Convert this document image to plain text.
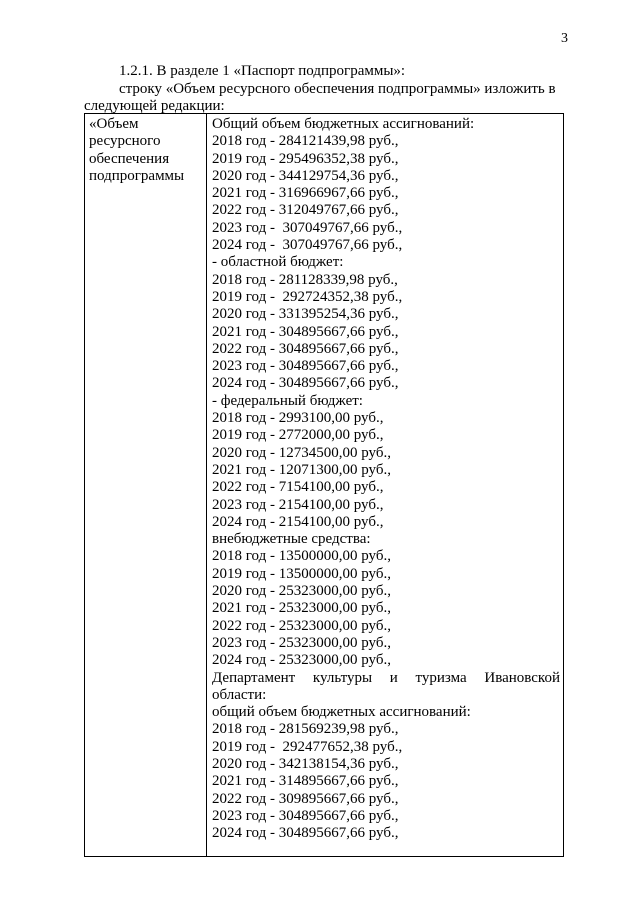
3
1.2.1. В разделе 1 «Паспорт подпрограммы»:
строку «Объем ресурсного обеспечения подпрограммы» изложить в
следующей редакции:
«Объем
ресурсного
обеспечения
подпрограммы
Общий объем бюджетных ассигнований:
2018 год - 284121439,98 руб.,
2019 год - 295496352,38 руб.,
2020 год - 344129754,36 руб.,
2021 год - 316966967,66 руб.,
2022 год - 312049767,66 руб.,
2023 год -  307049767,66 руб.,
2024 год -  307049767,66 руб.,
- областной бюджет:
2018 год - 281128339,98 руб.,
2019 год -  292724352,38 руб.,
2020 год - 331395254,36 руб.,
2021 год - 304895667,66 руб.,
2022 год - 304895667,66 руб.,
2023 год - 304895667,66 руб.,
2024 год - 304895667,66 руб.,
- федеральный бюджет:
2018 год - 2993100,00 руб.,
2019 год - 2772000,00 руб.,
2020 год - 12734500,00 руб.,
2021 год - 12071300,00 руб.,
2022 год - 7154100,00 руб.,
2023 год - 2154100,00 руб.,
2024 год - 2154100,00 руб.,
внебюджетные средства:
2018 год - 13500000,00 руб.,
2019 год - 13500000,00 руб.,
2020 год - 25323000,00 руб.,
2021 год - 25323000,00 руб.,
2022 год - 25323000,00 руб.,
2023 год - 25323000,00 руб.,
2024 год - 25323000,00 руб.,
Департамент культуры и туризма Ивановской
области:
общий объем бюджетных ассигнований:
2018 год - 281569239,98 руб.,
2019 год -  292477652,38 руб.,
2020 год - 342138154,36 руб.,
2021 год - 314895667,66 руб.,
2022 год - 309895667,66 руб.,
2023 год - 304895667,66 руб.,
2024 год - 304895667,66 руб.,
